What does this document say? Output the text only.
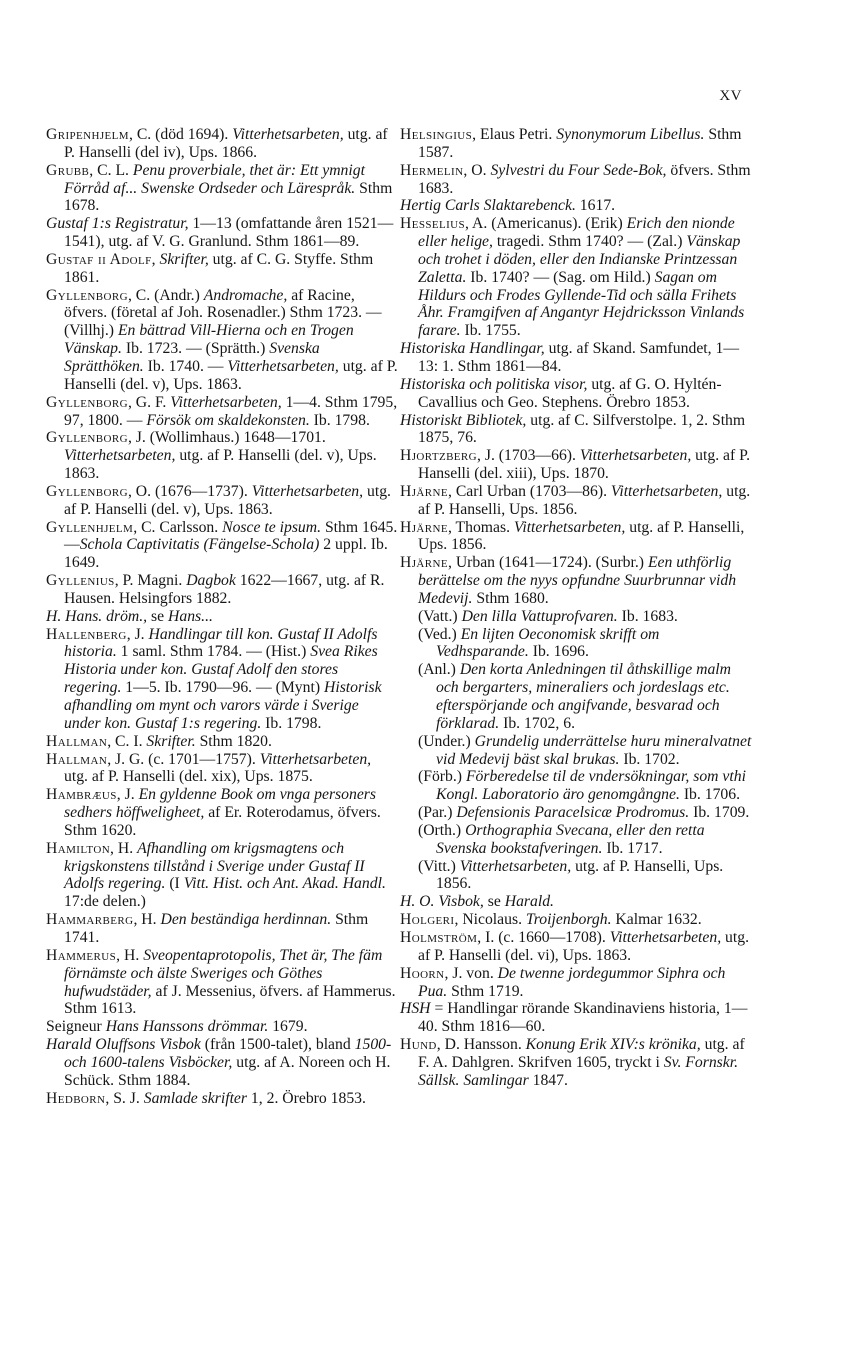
XV
Gripenhjelm, C. (död 1694). Vitterhetsarbeten, utg. af P. Hanselli (del iv), Ups. 1866.
Grubb, C. L. Penu proverbiale, thet är: Ett ymnigt Förråd af... Swenske Ordseder och Lärespråk. Sthm 1678.
Gustaf 1:s Registratur, 1—13 (omfattande åren 1521—1541), utg. af V. G. Granlund. Sthm 1861—89.
Gustaf ii Adolf, Skrifter, utg. af C. G. Styffe. Sthm 1861.
Gyllenborg, C. (Andr.) Andromache, af Racine, öfvers. (företal af Joh. Rosenadler.) Sthm 1723. — (Villhj.) En bättrad Vill-Hierna och en Trogen Vänskap. Ib. 1723. — (Sprätth.) Svenska Sprätthöken. Ib. 1740. — Vitterhetsarbeten, utg. af P. Hanselli (del. v), Ups. 1863.
Gyllenborg, G. F. Vitterhetsarbeten, 1—4. Sthm 1795, 97, 1800. — Försök om skaldekonsten. Ib. 1798.
Gyllenborg, J. (Wollimhaus.) 1648—1701. Vitterhetsarbeten, utg. af P. Hanselli (del. v), Ups. 1863.
Gyllenborg, O. (1676—1737). Vitterhetsarbeten, utg. af P. Hanselli (del. v), Ups. 1863.
Gyllenhjelm, C. Carlsson. Noscе te ipsum. Sthm 1645.—Schola Captivitatis (Fängelse-Schola) 2 uppl. Ib. 1649.
Gyllenius, P. Magni. Dagbok 1622—1667, utg. af R. Hausen. Helsingfors 1882.
H. Hans. dröm., se Hans...
Hallenberg, J. Handlingar till kon. Gustaf II Adolfs historia. 1 saml. Sthm 1784. — (Hist.) Svea Rikes Historia under kon. Gustaf Adolf den stores regering. 1—5. Ib. 1790—96. — (Mynt) Historisk afhandling om mynt och varors värde i Sverige under kon. Gustaf 1:s regering. Ib. 1798.
Hallman, C. I. Skrifter. Sthm 1820.
Hallman, J. G. (c. 1701—1757). Vitterhetsarbeten, utg. af P. Hanselli (del. xix), Ups. 1875.
Hambræus, J. En gyldenne Book om vnga personers sedhers höffweligheet, af Er. Roterodamus, öfvers. Sthm 1620.
Hamilton, H. Afhandling om krigsmagtens och krigskonstens tillstånd i Sverige under Gustaf II Adolfs regering. (I Vitt. Hist. och Ant. Akad. Handl. 17:de delen.)
Hammarberg, H. Den beständiga herdinnan. Sthm 1741.
Hammerus, H. Sveopentaprotopolis, Thet är, The fäm förnämste och älste Sweriges och Göthes hufwudstäder, af J. Messenius, öfvers. af Hammerus. Sthm 1613.
Seigneur Hans Hanssons drömmar. 1679.
Harald Oluffsons Visbok (från 1500-talet), bland 1500- och 1600-talens Visböcker, utg. af A. Noreen och H. Schück. Sthm 1884.
Hedborn, S. J. Samlade skrifter 1, 2. Örebro 1853.
Helsingius, Elaus Petri. Synonymorum Libellus. Sthm 1587.
Hermelin, O. Sylvestri du Four Sede-Bok, öfvers. Sthm 1683.
Hertig Carls Slaktarebenck. 1617.
Hesselius, A. (Americanus). (Erik) Erich den nionde eller helige, tragedi. Sthm 1740? — (Zal.) Vänskap och trohet i döden, eller den Indianske Printzessan Zaletta. Ib. 1740? — (Sag. om Hild.) Sagan om Hildurs och Frodes Gyllende-Tid och sälla Frihets Åhr. Framgifven af Angantyr Hejdricksson Vinlands farare. Ib. 1755.
Historiska Handlingar, utg. af Skand. Samfundet, 1—13: 1. Sthm 1861—84.
Historiska och politiska visor, utg. af G. O. Hyltén-Cavallius och Geo. Stephens. Örebro 1853.
Historiskt Bibliotek, utg. af C. Silfverstolpe. 1, 2. Sthm 1875, 76.
Hjortzberg, J. (1703—66). Vitterhetsarbeten, utg. af P. Hanselli (del. xiii), Ups. 1870.
Hjärne, Carl Urban (1703—86). Vitterhetsarbeten, utg. af P. Hanselli, Ups. 1856.
Hjärne, Thomas. Vitterhetsarbeten, utg. af P. Hanselli, Ups. 1856.
Hjärne, Urban (1641—1724). (Surbr.) Een uthförlig berättelse om the nyys opfundne Suurbrunnar vidh Medevij. Sthm 1680.
(Vatt.) Den lilla Vattuprofvaren. Ib. 1683.
(Ved.) En lijten Oeconomisk skrifft om Vedhsparande. Ib. 1696.
(Anl.) Den korta Anledningen til åthskillige malm och bergarters, mineraliers och jordeslags etc. efterspörjande och angifvande, besvarad och förklarad. Ib. 1702, 6.
(Under.) Grundelig underrättelse huru mineralvatnet vid Medevij bäst skal brukas. Ib. 1702.
(Förb.) Förberedelse til de vndersökningar, som vthi Kongl. Laboratorio äro genomgångne. Ib. 1706.
(Par.) Defensionis Paracelsicæ Prodromus. Ib. 1709.
(Orth.) Orthographia Svecana, eller den retta Svenska bookstafveringen. Ib. 1717.
(Vitt.) Vitterhetsarbeten, utg. af P. Hanselli, Ups. 1856.
H. O. Visbok, se Harald.
Holgeri, Nicolaus. Troijenborgh. Kalmar 1632.
Holmström, I. (c. 1660—1708). Vitterhetsarbeten, utg. af P. Hanselli (del. vi), Ups. 1863.
Hoorn, J. von. De twenne jordegummor Siphra och Pua. Sthm 1719.
HSH = Handlingar rörande Skandinaviens historia, 1—40. Sthm 1816—60.
Hund, D. Hansson. Konung Erik XIV:s krönika, utg. af F. A. Dahlgren. Skrifven 1605, tryckt i Sv. Fornskr. Sällsk. Samlingar 1847.
